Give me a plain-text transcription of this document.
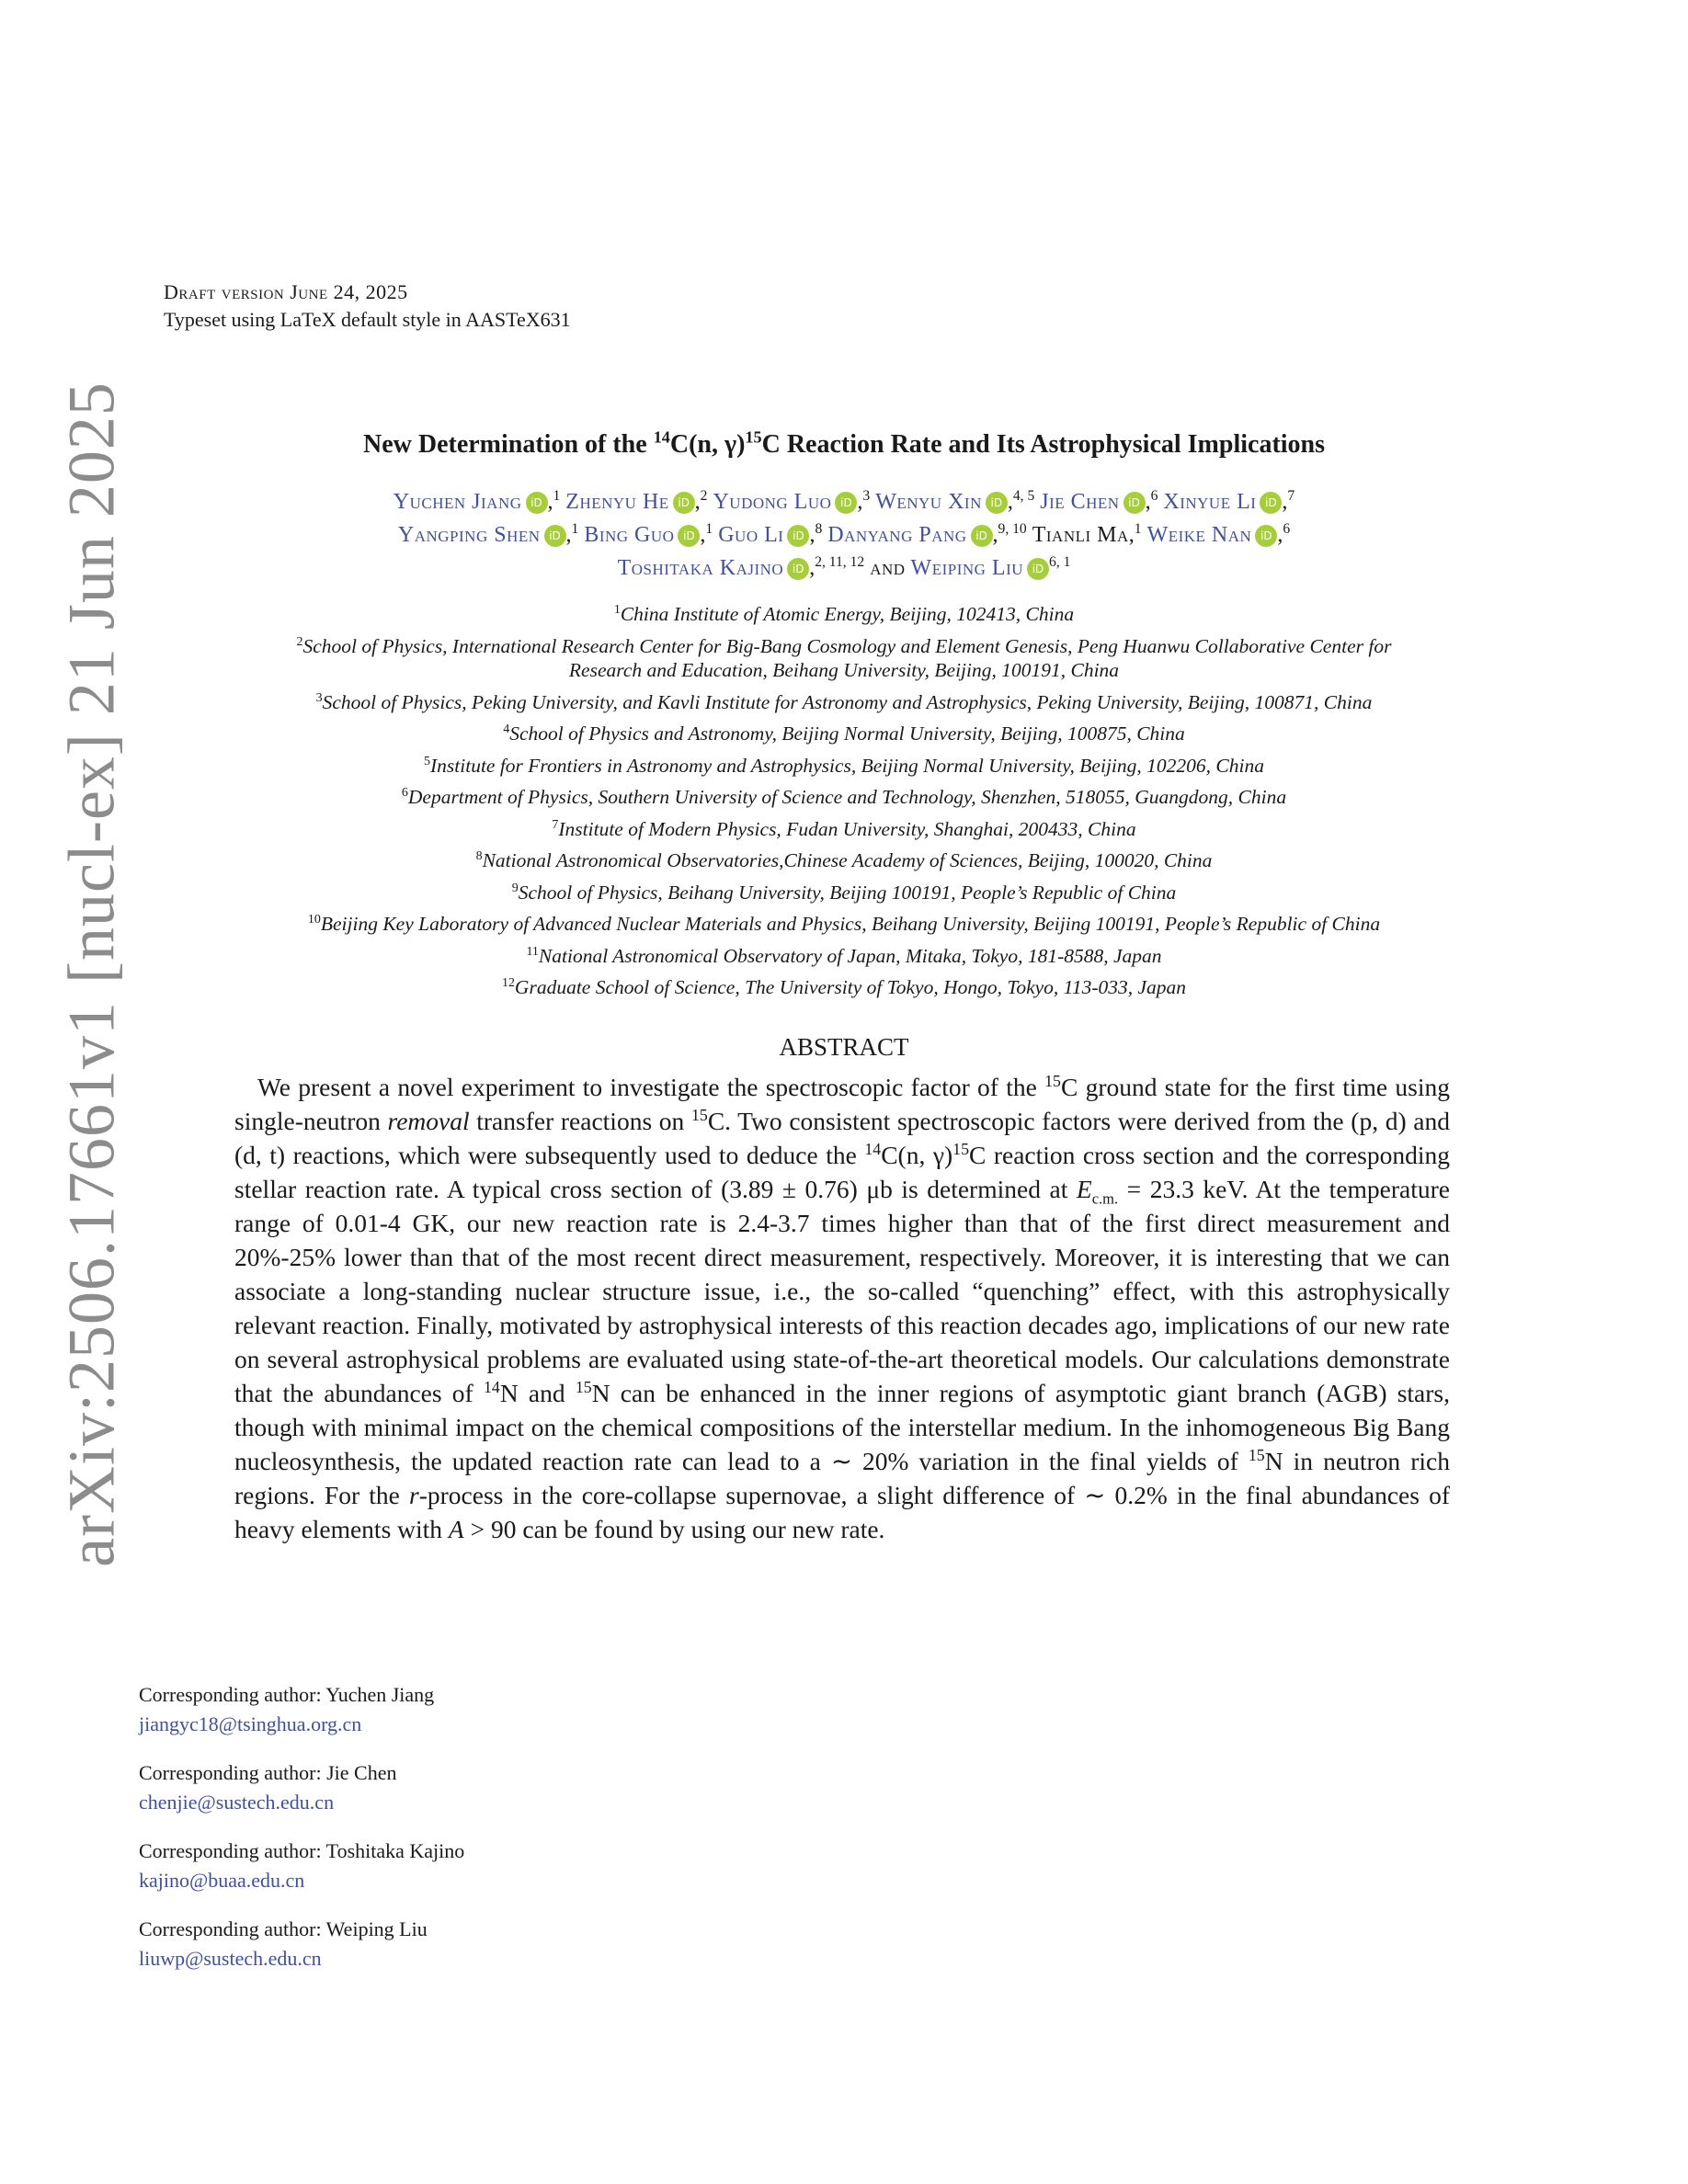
arXiv:2506.17661v1 [nucl-ex] 21 Jun 2025
Draft version June 24, 2025
Typeset using LaTeX default style in AASTeX631
New Determination of the $^{14}$C(n, γ)$^{15}$C Reaction Rate and Its Astrophysical Implications
Yuchen Jiang iD ,$^1$ Zhenyu He iD ,$^2$ Yudong Luo iD ,$^3$ Wenyu Xin iD ,$^{4, 5}$ Jie Chen iD ,$^6$ Xinyue Li iD ,$^7$
Yangping Shen iD ,$^1$ Bing Guo iD ,$^1$ Guo Li iD ,$^8$ Danyang Pang iD ,$^{9, 10}$ Tianli Ma,$^1$ Weike Nan iD ,$^6$
Toshitaka Kajino iD ,$^{2, 11, 12}$ and Weiping Liu iD $^{6, 1}$
$^1$China Institute of Atomic Energy, Beijing, 102413, China
$^2$School of Physics, International Research Center for Big-Bang Cosmology and Element Genesis, Peng Huanwu Collaborative Center for
Research and Education, Beihang University, Beijing, 100191, China
$^3$School of Physics, Peking University, and Kavli Institute for Astronomy and Astrophysics, Peking University, Beijing, 100871, China
$^4$School of Physics and Astronomy, Beijing Normal University, Beijing, 100875, China
$^5$Institute for Frontiers in Astronomy and Astrophysics, Beijing Normal University, Beijing, 102206, China
$^6$Department of Physics, Southern University of Science and Technology, Shenzhen, 518055, Guangdong, China
$^7$Institute of Modern Physics, Fudan University, Shanghai, 200433, China
$^8$National Astronomical Observatories,Chinese Academy of Sciences, Beijing, 100020, China
$^9$School of Physics, Beihang University, Beijing 100191, People’s Republic of China
$^{10}$Beijing Key Laboratory of Advanced Nuclear Materials and Physics, Beihang University, Beijing 100191, People’s Republic of China
$^{11}$National Astronomical Observatory of Japan, Mitaka, Tokyo, 181-8588, Japan
$^{12}$Graduate School of Science, The University of Tokyo, Hongo, Tokyo, 113-033, Japan
ABSTRACT
We present a novel experiment to investigate the spectroscopic factor of the $^{15}$C ground state for the first time using single-neutron removal transfer reactions on $^{15}$C. Two consistent spectroscopic factors were derived from the (p, d) and (d, t) reactions, which were subsequently used to deduce the $^{14}$C(n, γ)$^{15}$C reaction cross section and the corresponding stellar reaction rate. A typical cross section of (3.89 ± 0.76) μb is determined at $E_{c.m.} = 23.3$ keV. At the temperature range of 0.01-4 GK, our new reaction rate is 2.4-3.7 times higher than that of the first direct measurement and 20%-25% lower than that of the most recent direct measurement, respectively. Moreover, it is interesting that we can associate a long-standing nuclear structure issue, i.e., the so-called “quenching” effect, with this astrophysically relevant reaction. Finally, motivated by astrophysical interests of this reaction decades ago, implications of our new rate on several astrophysical problems are evaluated using state-of-the-art theoretical models. Our calculations demonstrate that the abundances of $^{14}$N and $^{15}$N can be enhanced in the inner regions of asymptotic giant branch (AGB) stars, though with minimal impact on the chemical compositions of the interstellar medium. In the inhomogeneous Big Bang nucleosynthesis, the updated reaction rate can lead to a ∼ 20% variation in the final yields of $^{15}$N in neutron rich regions. For the r-process in the core-collapse supernovae, a slight difference of ∼ 0.2% in the final abundances of heavy elements with A > 90 can be found by using our new rate.
Corresponding author: Yuchen Jiang
jiangyc18@tsinghua.org.cn
Corresponding author: Jie Chen
chenjie@sustech.edu.cn
Corresponding author: Toshitaka Kajino
kajino@buaa.edu.cn
Corresponding author: Weiping Liu
liuwp@sustech.edu.cn
